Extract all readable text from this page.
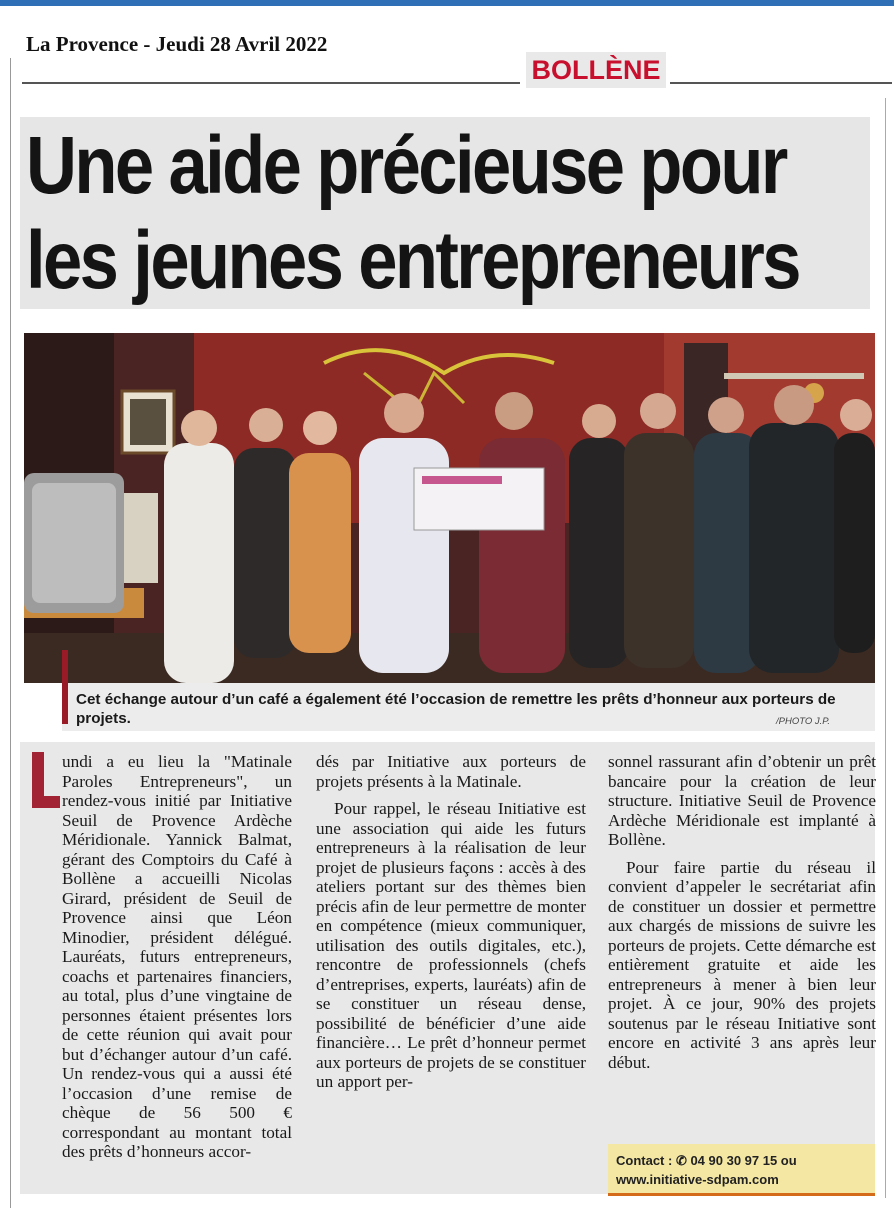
La Provence - Jeudi 28 Avril 2022
BOLLÈNE
Une aide précieuse pour
les jeunes entrepreneurs
Cet échange autour d’un café a également été l’occasion de remettre les prêts d’honneur aux porteurs de projets.	/PHOTO J.P.

undi a eu lieu la "Matinale Paroles Entrepreneurs", un rendez-vous initié par Initiative Seuil de Provence Ardèche Méridionale. Yannick Balmat, gérant des Comptoirs du Café à Bollène a accueilli Nicolas Girard, président de Seuil de Provence ainsi que Léon Minodier, président délégué. Lauréats, futurs entrepreneurs, coachs et partenaires financiers, au total, plus d’une vingtaine de personnes étaient présentes lors de cette réunion qui avait pour but d’échanger autour d’un café. Un rendez-vous qui a aussi été l’occasion d’une remise de chèque de 56 500 € correspondant au montant total des prêts d’honneurs accor-

dés par Initiative aux porteurs de projets présents à la Matinale.

Pour rappel, le réseau Initiative est une association qui aide les futurs entrepreneurs à la réalisation de leur projet de plusieurs façons : accès à des ateliers portant sur des thèmes bien précis afin de leur permettre de monter en compétence (mieux communiquer, utilisation des outils digitales, etc.), rencontre de professionnels (chefs d’entreprises, experts, lauréats) afin de se constituer un réseau dense, possibilité de bénéficier d’une aide financière… Le prêt d’honneur permet aux porteurs de projets de se constituer un apport per-

sonnel rassurant afin d’obtenir un prêt bancaire pour la création de leur structure. Initiative Seuil de Provence Ardèche Méridionale est implanté à Bollène.

Pour faire partie du réseau il convient d’appeler le secrétariat afin de constituer un dossier et permettre aux chargés de missions de suivre les porteurs de projets. Cette démarche est entièrement gratuite et aide les entrepreneurs à mener à bien leur projet. À ce jour, 90% des projets soutenus par le réseau Initiative sont encore en activité 3 ans après leur début.

Contact : ✆ 04 90 30 97 15 ou
www.initiative-sdpam.com
